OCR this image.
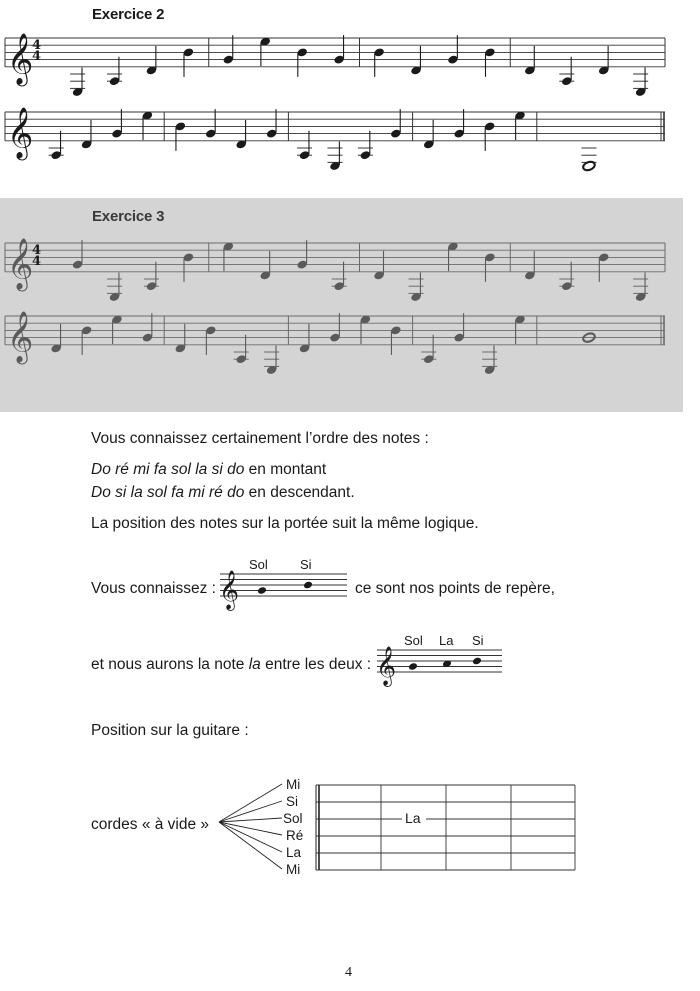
Exercice 2
𝄞
𝄞
4
4
Exercice 3
𝄞
𝄞
4
4
Vous connaissez certainement l’ordre des notes :
Do ré mi fa sol la si do en montant
Do si la sol fa mi ré do en descendant.
La position des notes sur la portée suit la même logique.
Vous connaissez :	ce sont nos points de repère,
Sol Si
𝄞
et nous aurons la note la entre les deux :
Sol La Si
𝄞
Position sur la guitare :
cordes « à vide »
Mi
Si
Sol
Ré
La
Mi
La
4
